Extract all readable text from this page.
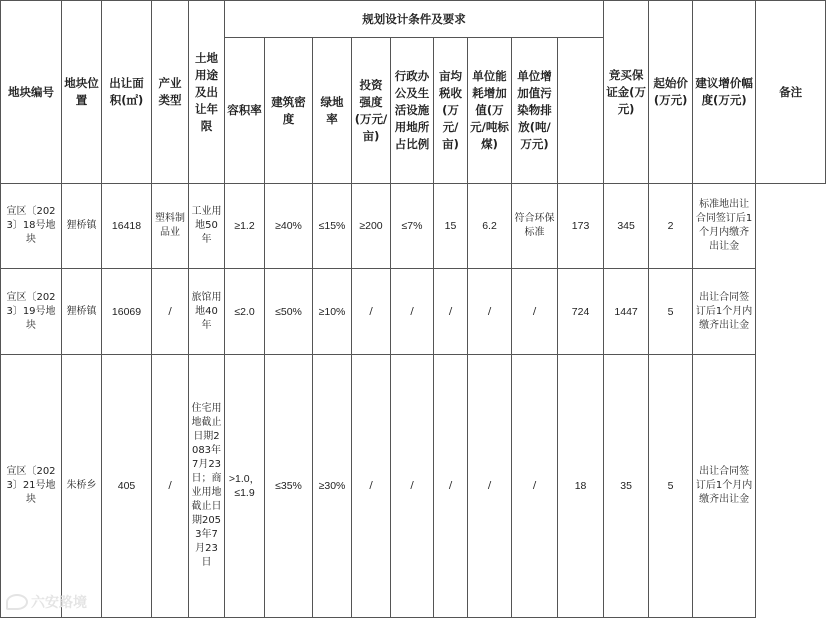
地块编号	地块位置	出让面积(㎡)	产业类型	土地用途及出让年限	规划设计条件及要求									竞买保证金(万元)	起始价(万元)	建议增价幅度(万元)	备注
					容积率	建筑密度	绿地率	投资强度(万元/亩)	行政办公及生活设施用地所占比例	亩均税收(万元/亩)	单位能耗增加值(万元/吨标煤)	单位增加值污染物排放(吨/万元)					
宣区〔2023〕18号地块	狸桥镇	16418	塑料制品业	工业用地50年	≥1.2	≥40%	≤15%	≥200	≤7%	15	6.2	符合环保标准	173	345	2	标准地出让 合同签订后1个月内缴齐出让金	
宣区〔2023〕19号地块	狸桥镇	16069	/	旅馆用地40年	≤2.0	≤50%	≥10%	/	/	/	/	/	724	1447	5	出让合同签订后1个月内缴齐出让金	
宣区〔2023〕21号地块	朱桥乡	405	/	住宅用地截止日期2083年7月23日；商业用地截止日期2053年7月23日	>1.0，≤1.9	≤35%	≥30%	/	/	/	/	/	18	35	5	出让合同签订后1个月内缴齐出让金	
六安路境
